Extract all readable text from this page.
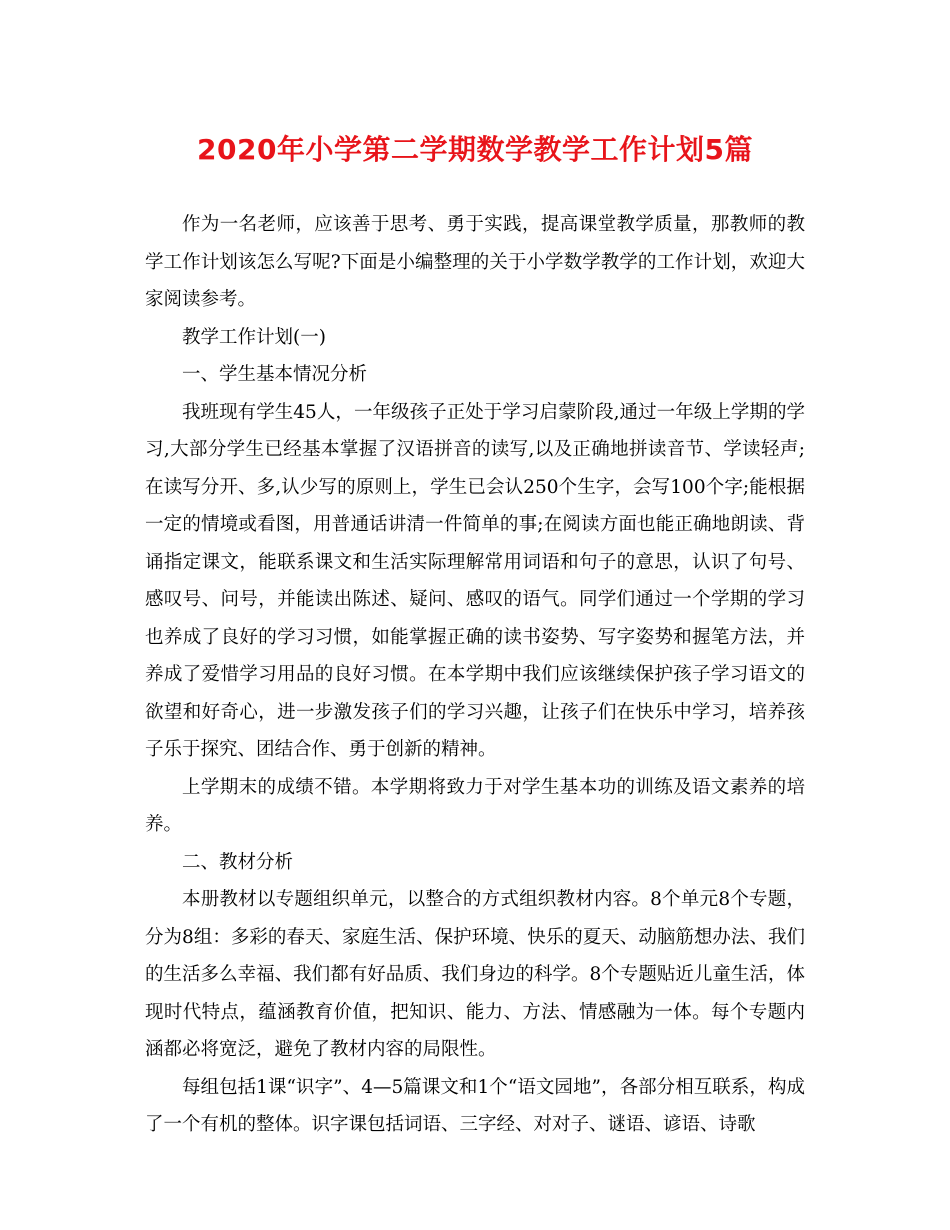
2020年小学第二学期数学教学工作计划5篇

作为一名老师，应该善于思考、勇于实践，提高课堂教学质量，那教师的教学工作计划该怎么写呢?下面是小编整理的关于小学数学教学的工作计划，欢迎大家阅读参考。

教学工作计划(一)

一、学生基本情况分析

我班现有学生45人，一年级孩子正处于学习启蒙阶段,通过一年级上学期的学习,大部分学生已经基本掌握了汉语拼音的读写,以及正确地拼读音节、学读轻声;在读写分开、多,认少写的原则上，学生已会认250个生字，会写100个字;能根据一定的情境或看图，用普通话讲清一件简单的事;在阅读方面也能正确地朗读、背诵指定课文，能联系课文和生活实际理解常用词语和句子的意思，认识了句号、感叹号、问号，并能读出陈述、疑问、感叹的语气。同学们通过一个学期的学习也养成了良好的学习习惯，如能掌握正确的读书姿势、写字姿势和握笔方法，并养成了爱惜学习用品的良好习惯。在本学期中我们应该继续保护孩子学习语文的欲望和好奇心，进一步激发孩子们的学习兴趣，让孩子们在快乐中学习，培养孩子乐于探究、团结合作、勇于创新的精神。

上学期末的成绩不错。本学期将致力于对学生基本功的训练及语文素养的培养。

二、教材分析

本册教材以专题组织单元，以整合的方式组织教材内容。8个单元8个专题，分为8组：多彩的春天、家庭生活、保护环境、快乐的夏天、动脑筋想办法、我们的生活多么幸福、我们都有好品质、我们身边的科学。8个专题贴近儿童生活，体现时代特点，蕴涵教育价值，把知识、能力、方法、情感融为一体。每个专题内涵都必将宽泛，避免了教材内容的局限性。

每组包括1课“识字”、4—5篇课文和1个“语文园地”，各部分相互联系，构成了一个有机的整体。识字课包括词语、三字经、对对子、谜语、谚语、诗歌
